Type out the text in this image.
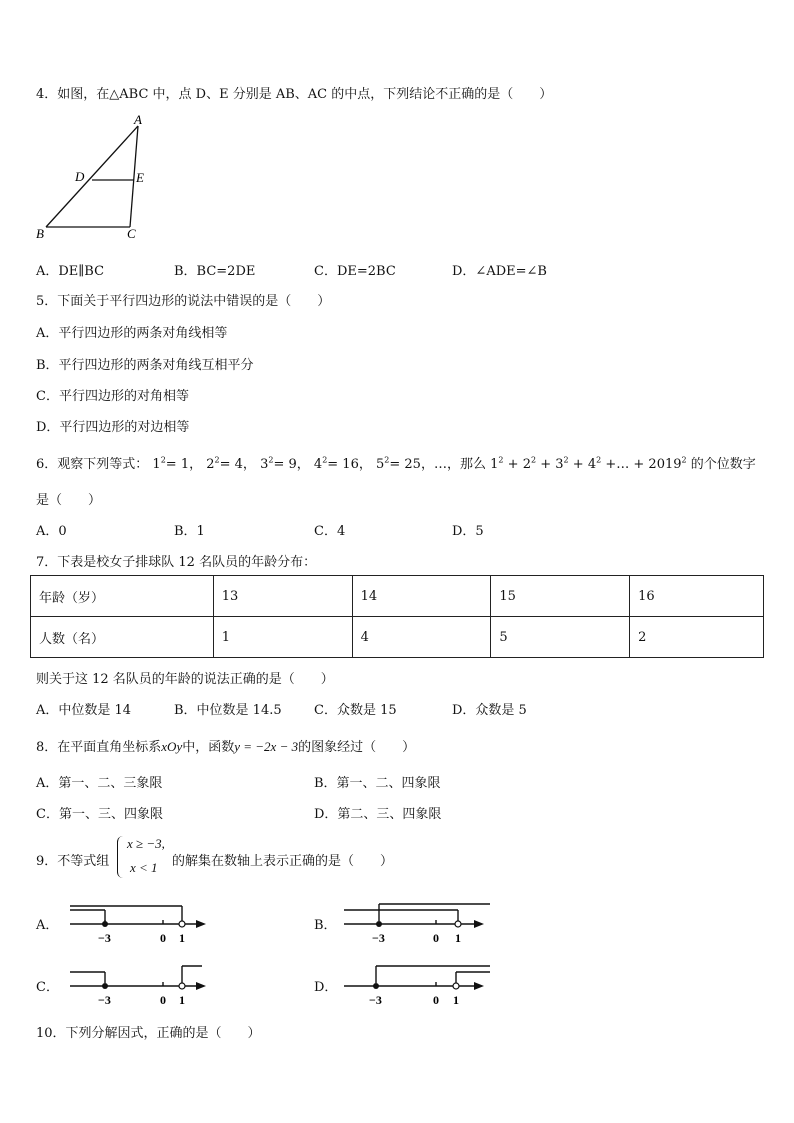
4．如图，在△ABC 中，点 D、E 分别是 AB、AC 的中点，下列结论不正确的是（　　）
A
D	E
B	C
A．DE∥BC	B．BC=2DE	C．DE=2BC	D．∠ADE=∠B
5．下面关于平行四边形的说法中错误的是（　　）
A．平行四边形的两条对角线相等
B．平行四边形的两条对角线互相平分
C．平行四边形的对角相等
D．平行四边形的对边相等
6．观察下列等式： $1^2= 1$， $2^2= 4$， $3^2= 9$， $4^2= 16$， $5^2= 25$，…，那么 $1^2 + 2^2 + 3^2 + 4^2$ +… + $2019^2$ 的个位数字
是（　　）
A．0	B．1	C．4	D．5
7．下表是校女子排球队 12 名队员的年龄分布：
年龄（岁）	13	14	15	16
人数（名）	1	4	5	2
则关于这 12 名队员的年龄的说法正确的是（　　）
A．中位数是 14	B．中位数是 14.5 C．众数是 15	D．众数是 5
8．在平面直角坐标系xOy中，函数y = −2x − 3的图象经过（　　）
A．第一、二、三象限	B．第一、二、四象限
C．第一、三、四象限	D．第二、三、四象限
9．不等式组
x ≥ −3,
x < 1 的解集在数轴上表示正确的是（　　）
A．
−3	0 1
B．
−3	0 1
C．
−3	0 1
D．
−3	0 1
10．下列分解因式，正确的是（　　）
